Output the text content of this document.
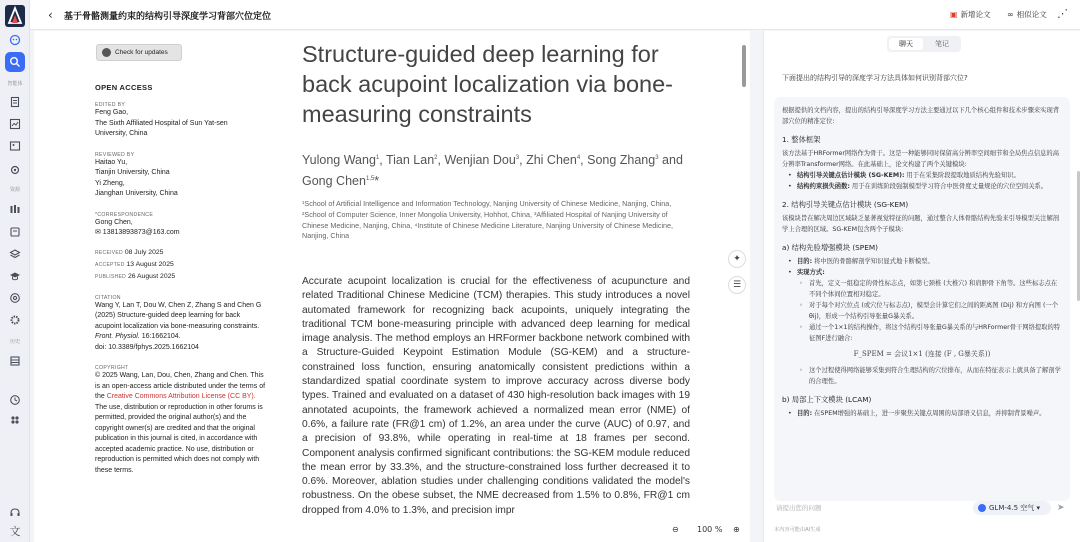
智能体
资源
历史
文
‹ 基于骨骼测量约束的结构引导深度学习背部穴位定位	▣ 新增论文 ∞ 相似论文 ⋰
Check for updates
OPEN ACCESS
EDITED BY
Feng Gao,
The Sixth Affiliated Hospital of Sun Yat-sen
University, China
REVIEWED BY
Haitao Yu,
Tianjin University, China
Yi Zheng,
Jianghan University, China
*CORRESPONDENCE
Gong Chen,
✉ 13813893873@163.com
RECEIVED 08 July 2025
ACCEPTED 13 August 2025
PUBLISHED 26 August 2025
CITATION
Wang Y, Lan T, Dou W, Chen Z, Zhang S and Chen G (2025) Structure-guided deep learning for back acupoint localization via bone-measuring constraints.
Front. Physiol. 16:1662104.
doi: 10.3389/fphys.2025.1662104
COPYRIGHT
© 2025 Wang, Lan, Dou, Chen, Zhang and Chen. This is an open-access article distributed under the terms of the Creative Commons Attribution License (CC BY). The use, distribution or reproduction in other forums is permitted, provided the original author(s) and the copyright owner(s) are credited and that the original publication in this journal is cited, in accordance with accepted academic practice. No use, distribution or reproduction is permitted which does not comply with these terms.
Structure-guided deep learning for back acupoint localization via bone-measuring constraints
Yulong Wang$^1$, Tian Lan$^2$, Wenjian Dou$^3$, Zhi Chen$^4$, Song Zhang$^3$ and Gong Chen$^{1,5}$*
¹School of Artificial Intelligence and Information Technology, Nanjing University of Chinese Medicine, Nanjing, China, ²School of Computer Science, Inner Mongolia University, Hohhot, China, ³Affiliated Hospital of Nanjing University of Chinese Medicine, Nanjing, China, ⁴Institute of Chinese Medicine Literature, Nanjing University of Chinese Medicine, Nanjing, China
Accurate acupoint localization is crucial for the effectiveness of acupuncture and related Traditional Chinese Medicine (TCM) therapies. This study introduces a novel automated framework for recognizing back acupoints, uniquely integrating the traditional TCM bone-measuring principle with advanced deep learning for medical image analysis. The method employs an HRFormer backbone network combined with a Structure-Guided Keypoint Estimation Module (SG-KEM) and a structure-constrained loss function, ensuring anatomically consistent predictions within a standardized spatial coordinate system to improve accuracy across diverse body types. Trained and evaluated on a dataset of 430 high-resolution back images with 19 annotated acupoints, the framework achieved a normalized mean error (NME) of 0.6%, a failure rate (FR@1 cm) of 1.2%, an area under the curve (AUC) of 0.97, and a precision of 93.8%, while operating in real-time at 18 frames per second. Component analysis confirmed significant contributions: the SG-KEM module reduced the mean error by 33.3%, and the structure-constrained loss further decreased it to 0.6%. Moreover, ablation studies under challenging conditions validated the model's robustness. On the obese subset, the NME decreased from 1.5% to 0.8%, FR@1 cm dropped from 4.0% to 1.3%, and precision impr
✦
☰
⊖ 100 % ⊕
聊天	笔记
下面提出的结构引导的深度学习方法具体如何识别背部穴位?
根据提供的文档内容，提出的结构引导深度学习方法主要通过以下几个核心组件和技术步骤来实现背部穴位的精准定位:
1. 整体框架
该方法基于HRFormer网络作为骨干。这是一种能够同时保留高分辨率空间细节和全局焦点信息的高分辨率Transformer网络。在此基础上，论文构建了两个关键模块:
• 结构引导关键点估计模块 (SG-KEM): 用于在采集阶段提取地质结构先验知识。
• 结构约束损失函数: 用于在训练阶段强制模型学习符合中医骨度丈量规论的穴位空间关系。
2. 结构引导关键点估计模块 (SG-KEM)
该模块旨在解决周边区域缺乏显著视觉特征的问题，通过整合人体骨骼结构先验来引导模型关注解剖学上合理的区域。SG-KEM包含两个子模块:
a) 结构先验增强模块 (SPEM)
• 目的: 将中医的骨骼解剖学知识显式地卡断模型。
• 实现方式:
◦ 首先，定义一组稳定的骨性标志点，如第七颈椎 (大椎穴) 和肩胛骨下角等。这些标志点在不同个体间位置相对稳定。
◦ 对于每个对穴位点 (或穴位与标志点)，模型会计算它们之间的距离图 (Dij) 和方向图 (一个θij)，形成一个结构引导张量G暴关系。
◦ 通过一个1×1的结构操作，将这个结构引导张量G暴关系的与HRFormer骨干网络提取的特征图F进行融合:
F_SPEM = 会议1×1 (连接 (F , G暴关系))
◦ 这个过程使得网络能够采集到符合生理结构的穴位排布，从而在特征表示上就具备了解剖学的合理性。
b) 局部上下文模块 (LCAM)
• 目的: 在SPEM增强的基础上，进一步聚焦关键点周围的局部语义信息，并抑制背景噪声。
请提出您的问题	GLM-4.5 空气 ▾	➤
本内容可能由AI生成
